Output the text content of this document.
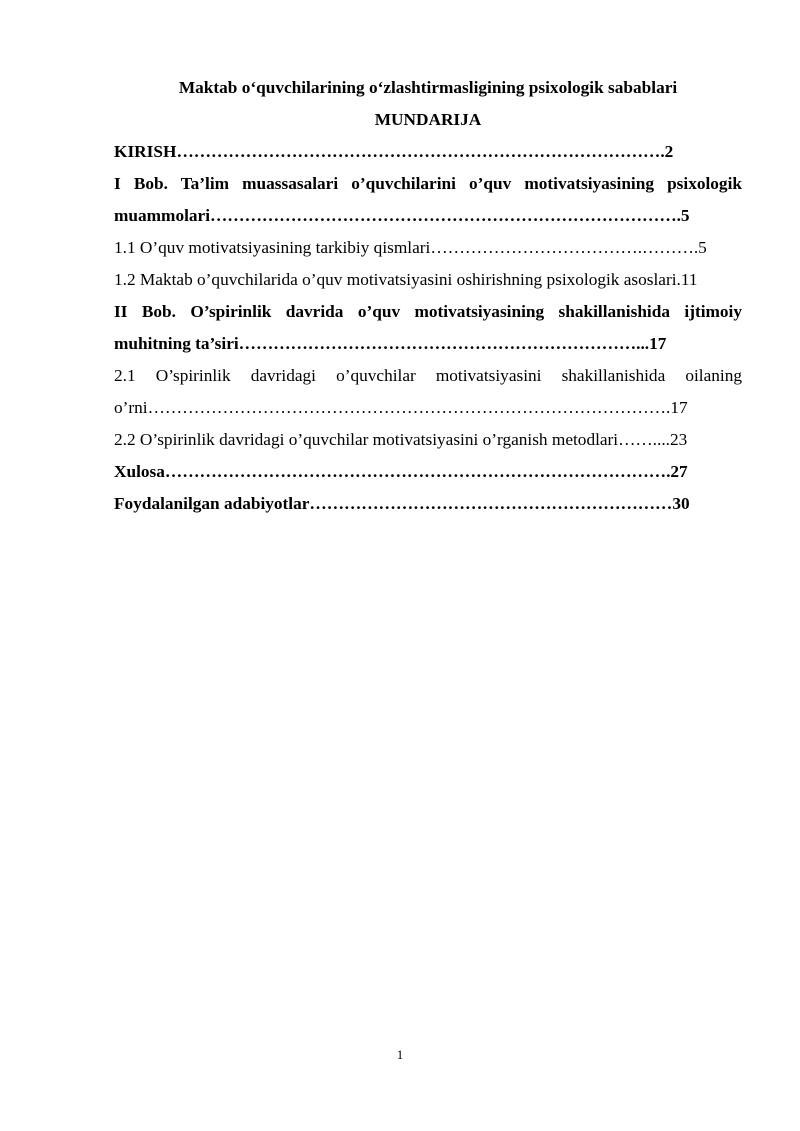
Maktab o‘quvchilarining o‘zlashtirmasligining psixologik sabablari

MUNDARIJA

KIRISH………………………………………………………………………….2

I Bob. Ta’lim muassasalari o’quvchilarini o’quv motivatsiyasining psixologik muammolari……………………………………………………………………….5

1.1 O’quv motivatsiyasining tarkibiy qismlari……………………………….……….5

1.2 Maktab o’quvchilarida o’quv motivatsiyasini oshirishning psixologik asoslari.11

II Bob. O’spirinlik davrida o’quv motivatsiyasining shakillanishida ijtimoiy muhitning ta’siri……………………………………………………………...17

2.1 O’spirinlik davridagi o’quvchilar motivatsiyasini shakillanishida oilaning o’rni……………………………………………………………………………….17

2.2 O’spirinlik davridagi o’quvchilar motivatsiyasini o’rganish metodlari……....23

Xulosa…………………………………………………………………………….27

Foydalanilgan adabiyotlar………………………………………………………30

1
